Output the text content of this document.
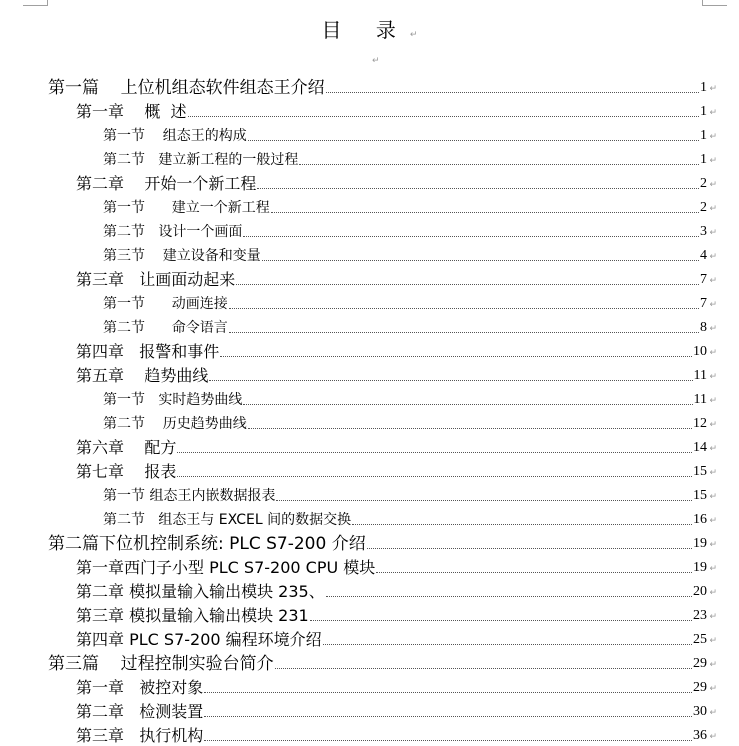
目 录↵
↵
第一篇    上位机组态软件组态王介绍	1 ↵
第一章    概  述	1 ↵
第一节    组态王的构成	1 ↵
第二节   建立新工程的一般过程	1 ↵
第二章    开始一个新工程	2 ↵
第一节      建立一个新工程	2 ↵
第二节   设计一个画面	3 ↵
第三节    建立设备和变量	4 ↵
第三章   让画面动起来	7 ↵
第一节      动画连接	7 ↵
第二节      命令语言	8 ↵
第四章   报警和事件	10 ↵
第五章    趋势曲线	11 ↵
第一节   实时趋势曲线	11 ↵
第二节    历史趋势曲线	12 ↵
第六章    配方	14 ↵
第七章    报表	15 ↵
第一节 组态王内嵌数据报表	15 ↵
第二节   组态王与 EXCEL 间的数据交换	16 ↵
第二篇下位机控制系统: PLC S7-200 介绍	19 ↵
第一章西门子小型 PLC S7-200 CPU 模块	19 ↵
第二章 模拟量输入输出模块 235、	20 ↵
第三章 模拟量输入输出模块 231	23 ↵
第四章 PLC S7-200 编程环境介绍	25 ↵
第三篇    过程控制实验台简介	29 ↵
第一章   被控对象	29 ↵
第二章   检测装置	30 ↵
第三章   执行机构	36 ↵
